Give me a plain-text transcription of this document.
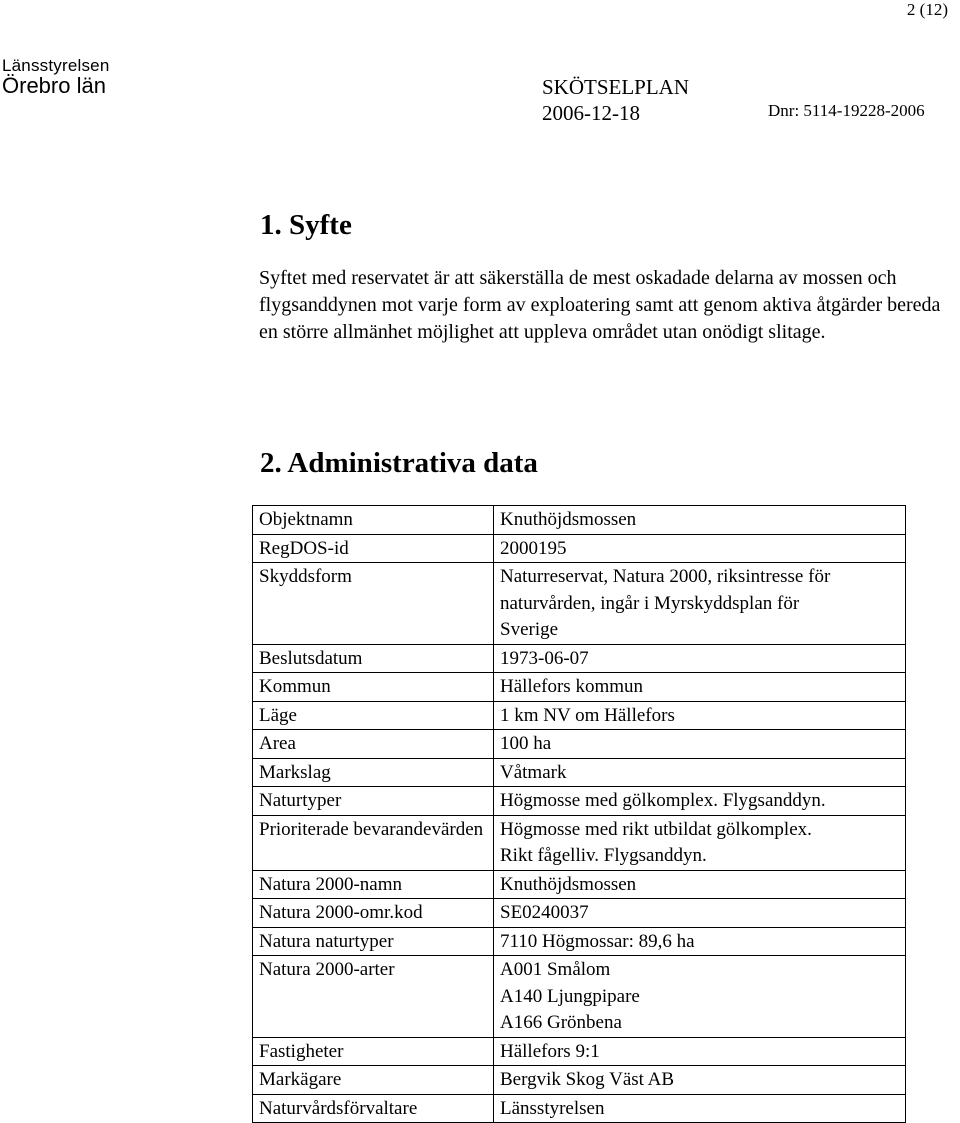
2 (12)
Länsstyrelsen
Örebro län	SKÖTSELPLAN
2006-12-18	Dnr: 5114-19228-2006
1. Syfte

Syftet med reservatet är att säkerställa de mest oskadade delarna av mossen och flygsanddynen mot varje form av exploatering samt att genom aktiva åtgärder bereda en större allmänhet möjlighet att uppleva området utan onödigt slitage.

2. Administrativa data
Objektnamn	Knuthöjdsmossen

RegDOS-id	2000195

Skyddsform	Naturreservat, Natura 2000, riksintresse för
naturvården, ingår i Myrskyddsplan för
Sverige

Beslutsdatum	1973-06-07

Kommun	Hällefors kommun

Läge	1 km NV om Hällefors

Area	100 ha

Markslag	Våtmark

Naturtyper	Högmosse med gölkomplex. Flygsanddyn.

Prioriterade bevarandevärden	Högmosse med rikt utbildat gölkomplex.
Rikt fågelliv. Flygsanddyn.

Natura 2000-namn	Knuthöjdsmossen

Natura 2000-omr.kod	SE0240037

Natura naturtyper	7110 Högmossar: 89,6 ha

Natura 2000-arter	A001 Smålom
A140 Ljungpipare
A166 Grönbena

Fastigheter	Hällefors 9:1

Markägare	Bergvik Skog Väst AB

Naturvårdsförvaltare	Länsstyrelsen
